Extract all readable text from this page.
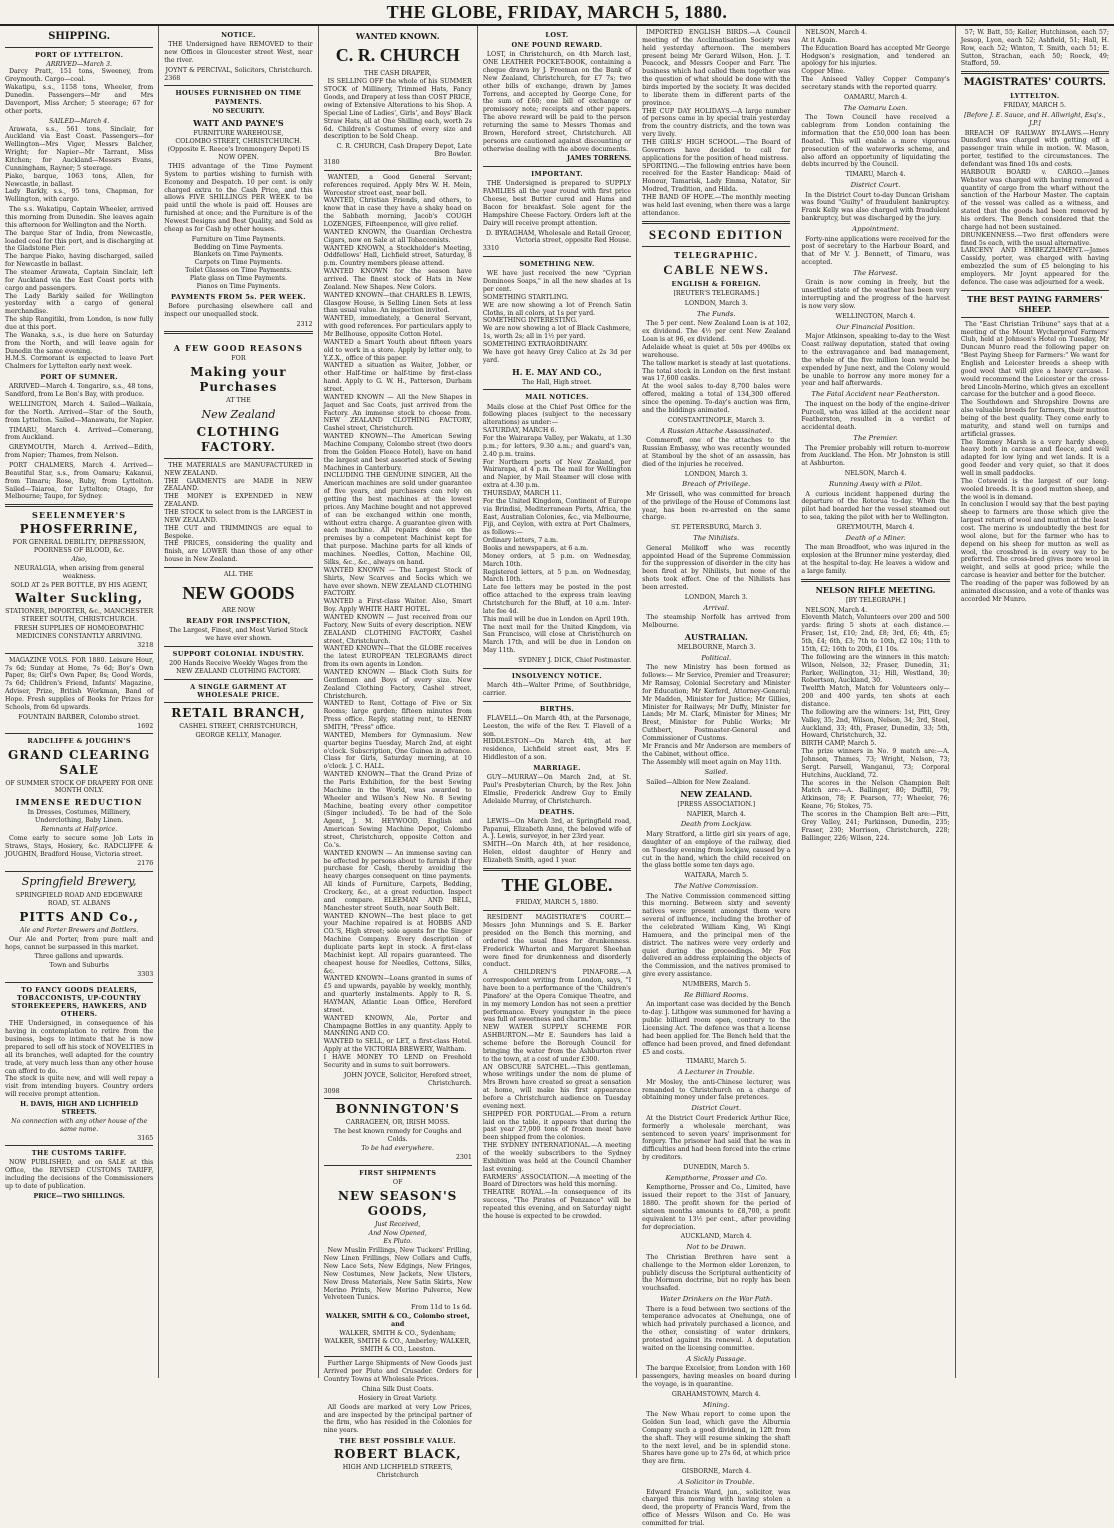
THE GLOBE, FRIDAY, MARCH 5, 1880.
SHIPPING.
PORT OF LYTTELTON.
ARRIVED—March 3.

Darcy Pratt, 151 tons, Sweeney, from Greymouth. Cargo—coal.
Wakatipu, s.s., 1158 tons, Wheeler, from Dunedin. Passengers—Mr and Mrs Davenport, Miss Archer; 5 steerage; 67 for other ports.

SAILED—March 4.

Arawata, s.s., 561 tons, Sinclair, for Auckland via East Coast. Passengers—for Wellington—Mrs Viger, Messrs Balcher, Wright; for Napier—Mr Tarrant, Miss Kitchen; for Auckland—Messrs Evans, Cunningham, Rayner; 5 steerage.
Piako, barque, 1063 tons, Allen, for Newcastle, in ballast.
Lady Barkly, s.s., 95 tons, Chapman, for Wellington, with cargo.

The s.s. Wakatipu, Captain Wheeler, arrived this morning from Dunedin. She leaves again this afternoon for Wellington and the North.
The barque Star of India, from Newcastle, loaded coal for this port, and is discharging at the Gladstone Pier.
The barque Piako, having discharged, sailed for Newcastle in ballast.
The steamer Arawata, Captain Sinclair, left for Auckland via the East Coast ports with cargo and passengers.
The Lady Barkly sailed for Wellington yesterday with a cargo of general merchandise.
The ship Rangitiki, from London, is now fully due at this port.
The Wanaka, s.s., is due here on Saturday from the North, and will leave again for Dunedin the same evening.
H.M.S. Cormorant is expected to leave Port Chalmers for Lyttelton early next week.

PORT OF SUMNER.

ARRIVED—March 4. Tongariro, s.s., 48 tons, Sandford, from Le Bon's Bay, with produce.

WELLINGTON, March 4. Sailed—Waikaia, for the North. Arrived—Star of the South, from Lyttelton. Sailed—Manawatu, for Napier.

TIMARU, March 4. Arrived—Comerang, from Auckland.

GREYMOUTH, March 4. Arrived—Edith, from Napier; Thames, from Nelson.

PORT CHALMERS, March 4. Arrived—Beautiful Star, s.s., from Oamaru; Kakanui, from Timaru; Rose, Ruby, from Lyttelton. Sailed—Taiaroa, for Lyttelton; Otago, for Melbourne; Taupo, for Sydney.

SEELENMEYER'S
PHOSFERRINE,
FOR GENERAL DEBILITY, DEPRESSION, POORNESS OF BLOOD, &c.
Also,
NEURALGIA, when arising from general weakness.
SOLD AT 2s PER BOTTLE, BY HIS AGENT,
Walter Suckling,
STATIONER, IMPORTER, &c., MANCHESTER STREET SOUTH, CHRISTCHURCH.
FRESH SUPPLIES OF HOMOEOPATHIC MEDICINES CONSTANTLY ARRIVING.
3218

MAGAZINE VOLS. FOR 1880. Leisure Hour, 7s 6d; Sunday at Home, 7s 6d; Boy's Own Paper, 8s; Girl's Own Paper, 8s; Good Words, 7s 6d; Children's Friend, Infants' Magazine, Adviser, Prize, British Workman, Band of Hope. Fresh supplies of Books for Prizes for Schools, from 6d upwards.

FOUNTAIN BARBER, Colombo street.
1692
RADCLIFFE & JOUGHIN'S
GRAND CLEARING SALE
OF SUMMER STOCK OF DRAPERY FOR ONE MONTH ONLY.
IMMENSE REDUCTION
In Dresses, Costumes, Millinery, Underclothing, Baby Linen.
Remnants at Half-price.

Come early to secure some Job Lots in Straws, Stays, Hosiery, &c. RADCLIFFE & JOUGHIN, Bradford House, Victoria street.

2176
Springfield Brewery,
SPRINGFIELD ROAD AND EDGEWARE ROAD, ST. ALBANS
PITTS AND Co.,
Ale and Porter Brewers and Bottlers.

Our Ale and Porter, from pure malt and hops, cannot be surpassed in this market.

Three gallons and upwards.
Town and Suburbs
3303
TO FANCY GOODS DEALERS, TOBACCONISTS, UP-COUNTRY STOREKEEPERS, HAWKERS, AND OTHERS.

THE Undersigned, in consequence of his having in contemplation to retire from the business, begs to intimate that he is now prepared to sell off his stock of NOVELTIES in all its branches, well adapted for the country trade, at very much less than any other house can afford to do.
The stock is quite new, and will well repay a visit from intending buyers. Country orders will receive prompt attention.

H. DAVIS, HIGH AND LICHFIELD STREETS.
No connection with any other house of the same name.
3165
THE CUSTOMS TARIFF.

NOW PUBLISHED, and on SALE at this Office, the REVISED CUSTOMS TARIFF, including the decisions of the Commissioners up to date of publication.

PRICE—TWO SHILLINGS.
NOTICE.

THE Undersigned have REMOVED to their new Offices in Gloucester street West, near the river.

JOYNT & PERCIVAL, Solicitors, Christchurch.
2368
HOUSES FURNISHED ON TIME PAYMENTS.
NO SECURITY.
WATT AND PAYNE'S
FURNITURE WAREHOUSE,
COLOMBO STREET, CHRISTCHURCH. (Opposite E. Reece's Ironmongery Depot) IS NOW OPEN.

THIS advantage of the Time Payment System to parties wishing to furnish with Economy and Despatch. 10 per cent. is only charged extra to the Cash Price, and this allows FIVE SHILLINGS PER WEEK to be paid until the whole is paid off. Houses are furnished at once; and the Furniture is of the Newest Designs and Best Quality, and Sold as cheap as for Cash by other houses.

Furniture on Time Payments.
Bedding on Time Payments.
Blankets on Time Payments.
Carpets on Time Payments.
Toilet Glasses on Time Payments.
Plate glass on Time Payments.
Pianos on Time Payments.
PAYMENTS FROM 5s. PER WEEK.

Before purchasing elsewhere call and inspect our unequalled stock.

2312
A FEW GOOD REASONS
FOR
Making your Purchases
AT THE
New Zealand
CLOTHING FACTORY.

THE MATERIALS are MANUFACTURED in NEW ZEALAND.
THE GARMENTS are MADE in NEW ZEALAND.
THE MONEY is EXPENDED in NEW ZEALAND.
THE STOCK to select from is the LARGEST in NEW ZEALAND.
THE CUT and TRIMMINGS are equal to Bespoke.
THE PRICES, considering the quality and finish, are LOWER than those of any other house in New Zealand.

ALL THE
NEW GOODS
ARE NOW
READY FOR INSPECTION,
The Largest, Finest, and Most Varied Stock we have ever shown.
SUPPORT COLONIAL INDUSTRY.
200 Hands Receive Weekly Wages from the NEW ZEALAND CLOTHING FACTORY.
A SINGLE GARMENT AT WHOLESALE PRICE.
RETAIL BRANCH,
CASHEL STREET, CHRISTCHURCH,
GEORGE KELLY, Manager.
WANTED KNOWN.
C. R. CHURCH
THE CASH DRAPER,

IS SELLING OFF the whole of his SUMMER STOCK of Millinery, Trimmed Hats, Fancy Goods, and Drapery at less than COST PRICE, owing of Extensive Alterations to his Shop. A Special Line of Ladies', Girls', and Boys' Black Straw Hats, all at One Shilling each, worth 2s 6d. Children's Costumes of every size and description to be Sold Cheap.

C. R. CHURCH, Cash Drapery Depot, Late Bro Bowler.
3180

WANTED, a Good General Servant; references required. Apply Mrs W. H. Mein, Worcester street east, near bell.
WANTED, Christian Friends, and others, to know that in case they have a shaky head on the Sabbath morning, Jacob's COUGH LOZENGES, Fifteenpence, will give relief.
WANTED KNOWN, the Guardian Orchestra Cigars, now on Sale at all Tobacconists.
WANTED KNOWN, a Stockholder's Meeting, Oddfellows' Hall, Lichfield street, Saturday, 8 p.m. Country members please attend.
WANTED KNOWN for the season have arrived. The finest stock of Hats in New Zealand. New Shapes. New Colors.
WANTED KNOWN—that CHARLES B. LEWIS, Glasgow House, is Selling Linen Sets at less than usual value. An inspection invited.
WANTED, immediately, a General Servant, with good references. For particulars apply to Mr Bellhouse, opposite Cotton Hotel.
WANTED a Smart Youth about fifteen years old to work in a store. Apply by letter only, to Y.Z.X., office of this paper.
WANTED a situation as Waiter, Jobber, or other Half-time or half-time by first-class hand. Apply to G. W. H., Patterson, Durham street.
WANTED KNOWN — All the New Shapes in Jaquet and Sac Coats, just arrived from the Factory. An immense stock to choose from. NEW ZEALAND CLOTHING FACTORY, Cashel street, Christchurch.
WANTED KNOWN—The American Sewing Machine Company, Colombo street (two doors from the Golden Fleece Hotel), have on hand the largest and best assorted stock of Sewing Machines in Canterbury.
INCLUDING THE GENUINE SINGER, All the American machines are sold under guarantee of five years, and purchasers can rely on getting the best machines at the lowest prices. Any Machine bought and not approved of can be exchanged within one month, without extra charge. A guarantee given with each machine. All repairs done on the premises by a competent Machinist kept for that purpose. Machine parts for all kinds of machines. Needles, Cotton, Machine Oil, Silks, &c., &c., always on hand.
WANTED KNOWN — The Largest Stock of Shirts, New Scarves and Socks which we have ever shown. NEW ZEALAND CLOTHING FACTORY.
WANTED a First-class Waiter. Also, Smart Boy. Apply WHITE HART HOTEL.
WANTED KNOWN — Just received from our Factory, New Suits of every description. NEW ZEALAND CLOTHING FACTORY, Cashel street, Christchurch.
WANTED KNOWN—That the GLOBE receives the latest EUROPEAN TELEGRAMS direct from its own agents in London.
WANTED KNOWN — Black Cloth Suits for Gentlemen and Boys of every size. New Zealand Clothing Factory, Cashel street, Christchurch.
WANTED to Rent, Cottage of Five or Six Rooms; large garden; fifteen minutes from Press office. Reply, stating rent, to HENRY SMITH, "Press" office.
WANTED, Members for Gymnasium. New quarter begins Tuesday, March 2nd, at eight o'clock. Subscription, One Guinea in advance. Class for Girls, Saturday morning, at 10 o'clock. J. C. HALL.
WANTED KNOWN—That the Grand Prize of the Paris Exhibition, for the best Sewing Machine in the World, was awarded to Wheeler and Wilson's New No. 8 Sewing Machine, beating every other competitor (Singer included). To be had of the Sole Agent, J. M. HEYWOOD, English and American Sewing Machine Depot, Colombo street, Christchurch, opposite Cotton and Co.'s.
WANTED KNOWN — An immense saving can be effected by persons about to furnish if they purchase for Cash, thereby avoiding the heavy charges consequent on time payments. All kinds of Furniture, Carpets, Bedding, Crockery, &c., at a great reduction. Inspect and compare. ELEEMAN AND BELL, Manchester street South, near South Belt.
WANTED KNOWN—The best place to get your Machine repaired is at HOBBS AND CO.'S, High street; sole agents for the Singer Machine Company. Every description of duplicate parts kept in stock. A first-class Machinist kept. All repairs guaranteed. The cheapest house for Needles, Cottons, Silks, &c.
WANTED KNOWN—Loans granted in sums of £5 and upwards, payable by weekly, monthly, and quarterly instalments. Apply to R. S. HAYMAN, Atlantic Loan Office, Hereford street.
WANTED KNOWN, Ale, Porter and Champagne Bottles in any quantity. Apply to MANNING AND CO.
WANTED to SELL, or LET, a first-class Hotel. Apply at the VICTORIA BREWERY, Waltham.
I HAVE MONEY TO LEND on Freehold Security and in sums to suit borrowers.

JOHN JOYCE, Solicitor, Hereford street, Christchurch.
3098
BONNINGTON'S
CARRAGEEN, OR, IRISH MOSS.
The best known remedy for Coughs and Colds.
To be had everywhere.
2301
FIRST SHIPMENTS
OF
NEW SEASON'S GOODS,
Just Received,
And Now Opened,
Ex Pluto.

New Muslin Frillings, New Tuckers' Frilling, New Linen Frillings, New Collars and Cuffs, New Lace Sets, New Edgings, New Fringes, New Costumes, New Jackets, New Ulsters, New Dress Materials, New Satin Skirts, New Merino Prints, New Merino Pulverce, New Velveteen Tunics.

From 11d to 1s 6d.
WALKER, SMITH & CO., Colombo street, and
WALKER, SMITH & CO., Sydenham; WALKER, SMITH & CO., Amberley; WALKER, SMITH & CO., Leeston.

Further Large Shipments of New Goods just Arrived per Pluto and Crusader. Orders for Country Towns at Wholesale Prices.

China Silk Dust Coats.
Hosiery in Great Variety.

All Goods are marked at very Low Prices, and are inspected by the principal partner of the firm, who has resided in the Colonies for nine years.

THE BEST POSSIBLE VALUE.
ROBERT BLACK,
HIGH AND LICHFIELD STREETS, Christchurch
LOST.
ONE POUND REWARD.

LOST, in Christchurch, on 4th March last, ONE LEATHER POCKET-BOOK, containing a cheque drawn by J. Freeman on the Bank of New Zealand, Christchurch, for £7 7s; two other bills of exchange, drawn by James Torrens, and accepted by George Cone, for the sum of £60; one bill of exchange or promissory note; receipts and other papers. The above reward will be paid to the person returning the same to Messrs Thomas and Brown, Hereford street, Christchurch. All persons are cautioned against discounting or otherwise dealing with the above documents.

JAMES TORRENS.
IMPORTANT.

THE Undersigned is prepared to SUPPLY FAMILIES all the year round with first price Cheese, best Butter cured and Hams and Bacon for breakfast. Sole agent for the Hampshire Cheese Factory. Orders left at the Dairy will receive prompt attention.

D. BYRAGHAM, Wholesale and Retail Grocer, Victoria street, opposite Red House.
3310
SOMETHING NEW.

WE have just received the new "Cyprian Dominoes Soaps," in all the new shades at 1s per cent.
SOMETHING STARTLING.
WE are now showing a lot of French Satin Cloths, in all colors, at 1s per yard.
SOMETHING INTERESTING.
We are now showing a lot of Black Cashmere, 1s, worth 2s; all in 1½ per yard.
SOMETHING EXTRAORDINARY.
We have got heavy Grey Calico at 2s 3d per yard.

H. E. MAY AND CO.,
The Hall, High street.
MAIL NOTICES.

Mails close at the Chief Post Office for the following places (subject to the necessary alterations) as under:—
SATURDAY, MARCH 6.
For the Wairarapa Valley, per Wakatu, at 1.30 p.m.; for letters, 9.30 a.m.; and guard's van, 2.40 p.m. trains.
For Northern ports of New Zealand, per Wairarapa, at 4 p.m. The mail for Wellington and Napier, by Mail Steamer will close with extra at 4.30 p.m.
THURSDAY, MARCH 11.
For the United Kingdom, Continent of Europe via Brindisi, Mediterranean Ports, Africa, the East, Australian Colonies, &c., via Melbourne, Fiji, and Ceylon, with extra at Port Chalmers, as follows:—
Ordinary letters, 7 a.m.
Books and newspapers, at 6 a.m.
Money orders, at 5 p.m. on Wednesday, March 10th.
Registered letters, at 5 p.m. on Wednesday, March 10th.
Late fee letters may be posted in the post office attached to the express train leaving Christchurch for the Bluff, at 10 a.m. Inter-late fee 4d.
This mail will be due in London on April 19th.
The next mail for the United Kingdom, via San Francisco, will close at Christchurch on March 17th, and will be due in London on May 11th.

SYDNEY J. DICK, Chief Postmaster.
INSOLVENCY NOTICE.

March 4th—Walter Prime, of Southbridge, carrier.

BIRTHS.

FLAVELL—On March 4th, at the Parsonage, Leeston, the wife of the Rev. T. Flavell of a son.
HIDDLESTON—On March 4th, at her residence, Lichfield street east, Mrs F. Hiddleston of a son.

MARRIAGE.

GUY—MURRAY—On March 2nd, at St. Paul's Presbyterian Church, by the Rev. John Elmslie, Frederick Andrew Guy to Emily Adelaide Murray, of Christchurch.

DEATHS.

LEWIS—On March 3rd, at Springfield road, Papanui, Elizabeth Anne, the beloved wife of A. J. Lewis, surveyor, in her 23rd year.
SMITH—On March 4th, at her residence, Helen, eldest daughter of Henry and Elizabeth Smith, aged 1 year.

THE GLOBE.
FRIDAY, MARCH 5, 1880.

RESIDENT MAGISTRATE'S COURT.—Messrs John Munnings and S. E. Barker presided on the Bench this morning, and ordered the usual fines for drunkenness. Frederick Wharton and Margaret Sheehan were fined for drunkenness and disorderly conduct.
A CHILDREN'S PINAFORE.—A correspondent writing from London, says, "I have been to a performance of the 'Children's Pinafore' at the Opera Comique Theatre, and in my memory London has not seen a prettier performance. Every youngster in the piece was full of sweetness and charm."
NEW WATER SUPPLY SCHEME FOR ASHBURTON.—Mr E. Saunders has laid a scheme before the Borough Council for bringing the water from the Ashburton river to the town, at a cost of under £300.
AN OBSCURE SATCHEL.—This gentleman, whose writings under the nom de plume of Mrs Brown have created so great a sensation at home, will make his first appearance before a Christchurch audience on Tuesday evening next.
SHIPPED FOR PORTUGAL.—From a return laid on the table, it appears that during the past year 27,000 tons of frozen meat have been shipped from the colonies.
THE SYDNEY INTERNATIONAL.—A meeting of the weekly subscribers to the Sydney Exhibition was held at the Council Chamber last evening.
FARMERS' ASSOCIATION.—A meeting of the Board of Directors was held this morning.
THEATRE ROYAL.—In consequence of its success, "The Pirates of Penzance" will be repeated this evening, and on Saturday night the house is expected to be crowded.

IMPORTED ENGLISH BIRDS.—A Council meeting of the Acclimatisation Society was held yesterday afternoon. The members present being Mr Gerard Wilson, Hon. J. T. Peacock, and Messrs Cooper and Farr. The business which had called them together was the question of what should be done with the birds imported by the society. It was decided to liberate them in different parts of the province.
THE CUP DAY HOLIDAYS.—A large number of persons came in by special train yesterday from the country districts, and the town was very lively.
THE GIRLS' HIGH SCHOOL.—The Board of Governors have decided to call for applications for the position of head mistress.
SPORTING.—The following entries have been received for the Easter Handicap: Maid of Honour, Tamarisk, Lady Emma, Natator, Sir Modred, Tradition, and Hilda.
THE BAND OF HOPE.—The monthly meeting was held last evening, when there was a large attendance.

SECOND EDITION
TELEGRAPHIC.
CABLE NEWS.
ENGLISH & FOREIGN.
[REUTER'S TELEGRAMS.]
LONDON, March 3.
The Funds.

The 5 per cent. New Zealand Loan is at 102, ex dividend. The 4½ per cent New Zealand Loan is at 96, ex dividend.
Adelaide wheat is quiet at 50s per 496lbs ex warehouse.
The tallow market is steady at last quotations. The total stock in London on the first instant was 17,600 casks.
At the wool sales to-day 8,700 bales were offered, making a total of 134,300 offered since the opening. To-day's auction was firm, and the biddings animated.

CONSTANTINOPLE, March 3.
A Russian Attache Assassinated.

Commeroff, one of the attaches to the Russian Embassy, who was recently wounded at Stamboul by the shot of an assassin, has died of the injuries he received.

LONDON, March 3.
Breach of Privilege.

Mr Grissell, who was committed for breach of the privilege of the House of Commons last year, has been re-arrested on the same charge.

ST. PETERSBURG, March 3.
The Nihilists.

General Melikoff who was recently appointed Head of the Supreme Commission for the suppression of disorder in the city has been fired at by Nihilists, but none of the shots took effect. One of the Nihilists has been arrested.

LONDON, March 3.
Arrival.

The steamship Norfolk has arrived from Melbourne.

AUSTRALIAN.
MELBOURNE, March 3.
Political.

The new Ministry has been formed as follows:— Mr Service, Premier and Treasurer; Mr Ramsay, Colonial Secretary and Minister for Education; Mr Kerferd, Attorney-General; Mr Madden, Minister for Justice; Mr Gillies, Minister for Railways; Mr Duffy, Minister for Lands; Mr M. Clark, Minister for Mines; Mr Brest, Minister for Public Works; Mr Cuthbert, Postmaster-General and Commissioner of Customs.
Mr Francis and Mr Anderson are members of the Cabinet, without office.
The Assembly will meet again on May 11th.

Sailed.

Sailed—Albion for New Zealand.

NEW ZEALAND.
[PRESS ASSOCIATION.]
NAPIER, March 4.
Death from Lockjaw.

Mary Stratford, a little girl six years of age, daughter of an employe of the railway, died on Tuesday evening from lockjaw, caused by a cut in the hand, which the child received on the glass bottle some ten days ago.

WAITARA, March 5.
The Native Commission.

The Native Commission commenced sitting this morning. Between sixty and seventy natives were present amongst them were several of influence, including the brother of the celebrated William King, Wi Kingi Hamuera, and the principal men of the district. The natives were very orderly and quiet during the proceedings. Mr Fox delivered an address explaining the objects of the Commission, and the natives promised to give every assistance.

NUMBERS, March 5.
Re Billiard Rooms.

An important case was decided by the Bench to-day. J. Lithgow was summoned for having a public billiard room open, contrary to the Licensing Act. The defence was that a license had been applied for. The Bench held that the offence had been proved, and fined defendant £5 and costs.

TIMARU, March 5.
A Lecturer in Trouble.

Mr Mosley, the anti-Chinese lecturer, was remanded to Christchurch on a charge of obtaining money under false pretences.

District Court.

At the District Court Frederick Arthur Rice, formerly a wholesale merchant, was sentenced to seven years' imprisonment for forgery. The prisoner had said that he was in difficulties and had been forced into the crime by creditors.

DUNEDIN, March 5.
Kempthorne, Prosser and Co.

Kempthorne, Prosser and Co., Limited, have issued their report to the 31st of January, 1880. The profit shown for the period of sixteen months amounts to £8,700, a profit equivalent to 13½ per cent., after providing for depreciation.

AUCKLAND, March 4.
Not to be Drawn.

The Christian Brethren have sent a challenge to the Mormon elder Lorenzen, to publicly discuss the Scriptural authenticity of the Mormon doctrine, but no reply has been vouchsafed.

Water Drinkers on the War Path.

There is a feud between two sections of the temperance advocates at Onehunga, one of which had privately purchased a licence, and the other, consisting of water drinkers, protested against its renewal. A deputation waited on the licensing committee.

A Sickly Passage.

The barque Excelsior, from London with 160 passengers, having measles on board during the voyage, is in quarantine.

GRAHAMSTOWN, March 4.
Mining.

The New Whau report to come upon the Golden Sun lead, which gave the Alburnia Company such a good dividend, in 12ft from the shaft. They will resume sinking the shaft to the next level, and be in splendid stone. Shares have gone up to 27s 6d, at which price they are firm.

GISBORNE, March 4.
A Solicitor in Trouble.

Edward Francis Ward, jun., solicitor, was charged this morning with having stolen a deed, the property of Francis Ward, from the office of Messrs Wilson and Co. He was committed for trial.

NELSON, March 4.
At it Again.
The Education Board has accepted Mr George Hodgson's resignation, and tendered an apology for his injuries.
Copper Mine.
The Aniseed Valley Copper Company's secretary stands with the reported quarry.

OAMARU, March 4.
The Oamaru Loan.

The Town Council have received a cablegram from London containing the information that the £50,000 loan has been floated. This will enable a more vigorous prosecution of the waterworks scheme, and also afford an opportunity of liquidating the debts incurred by the Council.

TIMARU, March 4.
District Court.

In the District Court to-day Duncan Grisham was found "Guilty" of fraudulent bankruptcy. Frank Kelly was also charged with fraudulent bankruptcy, but was discharged by the jury.

Appointment.

Forty-nine applications were received for the post of secretary to the Harbour Board, and that of Mr V. J. Bennett, of Timaru, was accepted.

The Harvest.

Grain is now coming in freely, but the unsettled state of the weather has been very interrupting and the progress of the harvest is now very slow.

WELLINGTON, March 4.
Our Financial Position.

Major Atkinson, speaking to-day to the West Coast railway deputation, stated that owing to the extravagance and bad management, the whole of the five million loan would be expended by June next, and the Colony would be unable to borrow any more money for a year and half afterwards.

The Fatal Accident near Featherston.

The inquest on the body of the engine-driver Purcell, who was killed at the accident near Featherston, resulted in a verdict of accidental death.

The Premier.

The Premier probably will return to-morrow from Auckland. The Hon. Mr Johnston is still at Ashburton.

NELSON, March 4.
Running Away with a Pilot.

A curious incident happened during the departure of the Rotorua to-day. When the pilot had boarded her the vessel steamed out to sea, taking the pilot with her to Wellington.

GREYMOUTH, March 4.
Death of a Miner.

The man Broadfoot, who was injured in the explosion at the Brunner mine yesterday, died at the hospital to-day. He leaves a widow and a large family.

NELSON RIFLE MEETING.
[BY TELEGRAPH.]

NELSON, March 4.
Eleventh Match, Volunteers over 200 and 500 yards: firing 5 shots at each distance.—Fraser, 1st, £10; 2nd, £8; 3rd, £6; 4th, £5; 5th, £4; 6th, £3; 7th to 10th, £2 10s; 11th to 15th, £2; 16th to 20th, £1 10s.
The following are the winners in this match: Wilson, Nelson, 32; Fraser, Dunedin, 31; Parker, Wellington, 31; Hill, Westland, 30; Robertson, Auckland, 30.
Twelfth Match, Match for Volunteers only—200 and 400 yards, ten shots at each distance.
The following are the winners: 1st, Pitt, Grey Valley, 35; 2nd, Wilson, Nelson, 34; 3rd, Steel, Auckland, 33; 4th, Fraser, Dunedin, 33; 5th, Howard, Christchurch, 32.
BIRTH CAMP, March 5.
The prize winners in No. 9 match are:—A. Johnson, Thames, 73; Wright, Nelson, 73; Sergt. Parsell, Wanganui, 73; Corporal Hutchins, Auckland, 72.
The scores in the Nelson Champion Belt Match are:—A. Ballinger, 80; Duffill, 79; Atkinson, 78; F. Pearson, 77; Wheeler, 76; Keane, 76; Stokes, 75.
The scores in the Champion Belt are:—Pitt, Grey Valley, 241; Parkinson, Dunedin, 235; Fraser, 230; Morrison, Christchurch, 228; Ballinger, 226; Wilson, 224.

57; W. Batt, 55; Keller, Hutchinson, each 57; Jessop, Lyon, each 52; Ashfield, 51; Hall, H. Row, each 52; Winton, T. Smith, each 51; E. Sutton, Strachan, each 50; Roeck, 49; Stafford, 59.

MAGISTRATES' COURTS.
LYTTELTON.
FRIDAY, MARCH 5.
[Before J. E. Sauce, and H. Allwright, Esq's., J.P.]

BREACH OF RAILWAY BY-LAWS.—Henry Dunsford was charged with getting off a passenger train while in motion. W. Mason, porter, testified to the circumstances. The defendant was fined 10s and costs.
HARBOUR BOARD v. CARGO.—James Webster was charged with having removed a quantity of cargo from the wharf without the sanction of the Harbour Master. The captain of the vessel was called as a witness, and stated that the goods had been removed by his orders. The Bench considered that the charge had not been sustained.
DRUNKENNESS.—Two first offenders were fined 5s each, with the usual alternative.
LARCENY AND EMBEZZLEMENT.—James Cassidy, porter, was charged with having embezzled the sum of £5 belonging to his employers. Mr Joynt appeared for the defence. The case was adjourned for a week.

THE BEST PAYING FARMERS' SHEEP.

The "East Christian Tribune" says that at a meeting of the Mount Wycherproof Farmers' Club, held at Johnson's Hotel on Tuesday, Mr Duncan Munro read the following paper on "Best Paying Sheep for Farmers:" We want for English and Leicester breeds a sheep with good wool that will give a heavy carcase. I would recommend the Leicester or the cross-bred Lincoln-Merino, which gives an excellent carcase for the butcher and a good fleece.
The Southdown and Shropshire Downs are also valuable breeds for farmers, their mutton being of the best quality. They come early to maturity, and stand well on turnips and artificial grasses.
The Romney Marsh is a very hardy sheep, heavy both in carcase and fleece, and well adapted for low lying and wet lands. It is a good feeder and very quiet, so that it does well in small paddocks.
The Cotswold is the largest of our long-wooled breeds. It is a good mutton sheep, and the wool is in demand.
In conclusion I would say that the best paying sheep to farmers are those which give the largest return of wool and mutton at the least cost. The merino is undoubtedly the best for wool alone, but for the farmer who has to depend on his sheep for mutton as well as wool, the crossbred is in every way to be preferred. The cross-bred gives more wool in weight, and sells at good price; while the carcase is heavier and better for the butcher.
The reading of the paper was followed by an animated discussion, and a vote of thanks was accorded Mr Munro.
